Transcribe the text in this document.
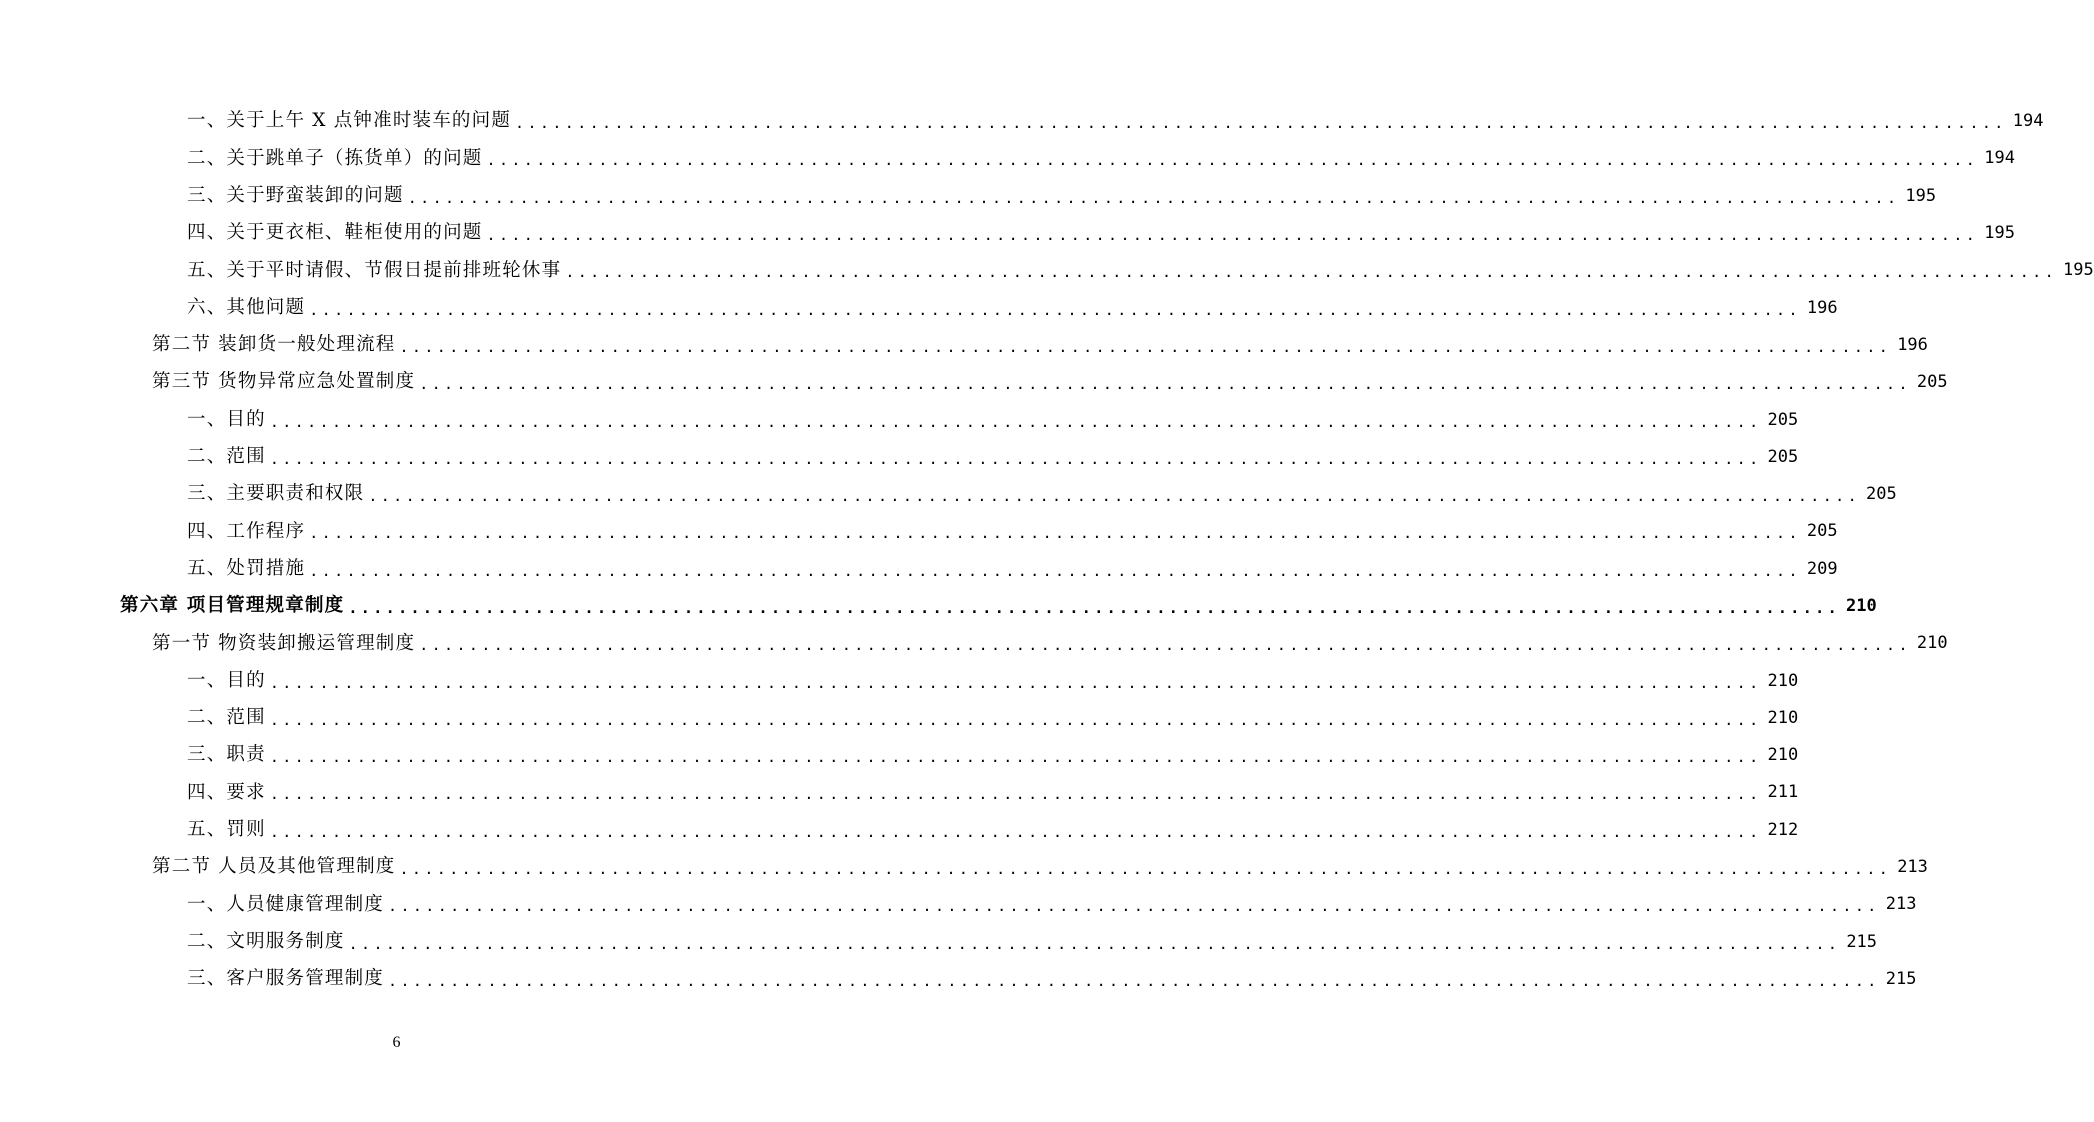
一、关于上午 X 点钟准时装车的问题 ........................................................................................................................ 194
二、关于跳单子（拣货单）的问题 ........................................................................................................................ 194
三、关于野蛮装卸的问题 ........................................................................................................................ 195
四、关于更衣柜、鞋柜使用的问题 ........................................................................................................................ 195
五、关于平时请假、节假日提前排班轮休事 ........................................................................................................................ 195
六、其他问题 ........................................................................................................................ 196
第二节 装卸货一般处理流程 ........................................................................................................................ 196
第三节 货物异常应急处置制度 ........................................................................................................................ 205
一、目的 ........................................................................................................................ 205
二、范围 ........................................................................................................................ 205
三、主要职责和权限 ........................................................................................................................ 205
四、工作程序 ........................................................................................................................ 205
五、处罚措施 ........................................................................................................................ 209
第六章 项目管理规章制度 ........................................................................................................................ 210
第一节 物资装卸搬运管理制度 ........................................................................................................................ 210
一、目的 ........................................................................................................................ 210
二、范围 ........................................................................................................................ 210
三、职责 ........................................................................................................................ 210
四、要求 ........................................................................................................................ 211
五、罚则 ........................................................................................................................ 212
第二节 人员及其他管理制度 ........................................................................................................................ 213
一、人员健康管理制度 ........................................................................................................................ 213
二、文明服务制度 ........................................................................................................................ 215
三、客户服务管理制度 ........................................................................................................................ 215
6
